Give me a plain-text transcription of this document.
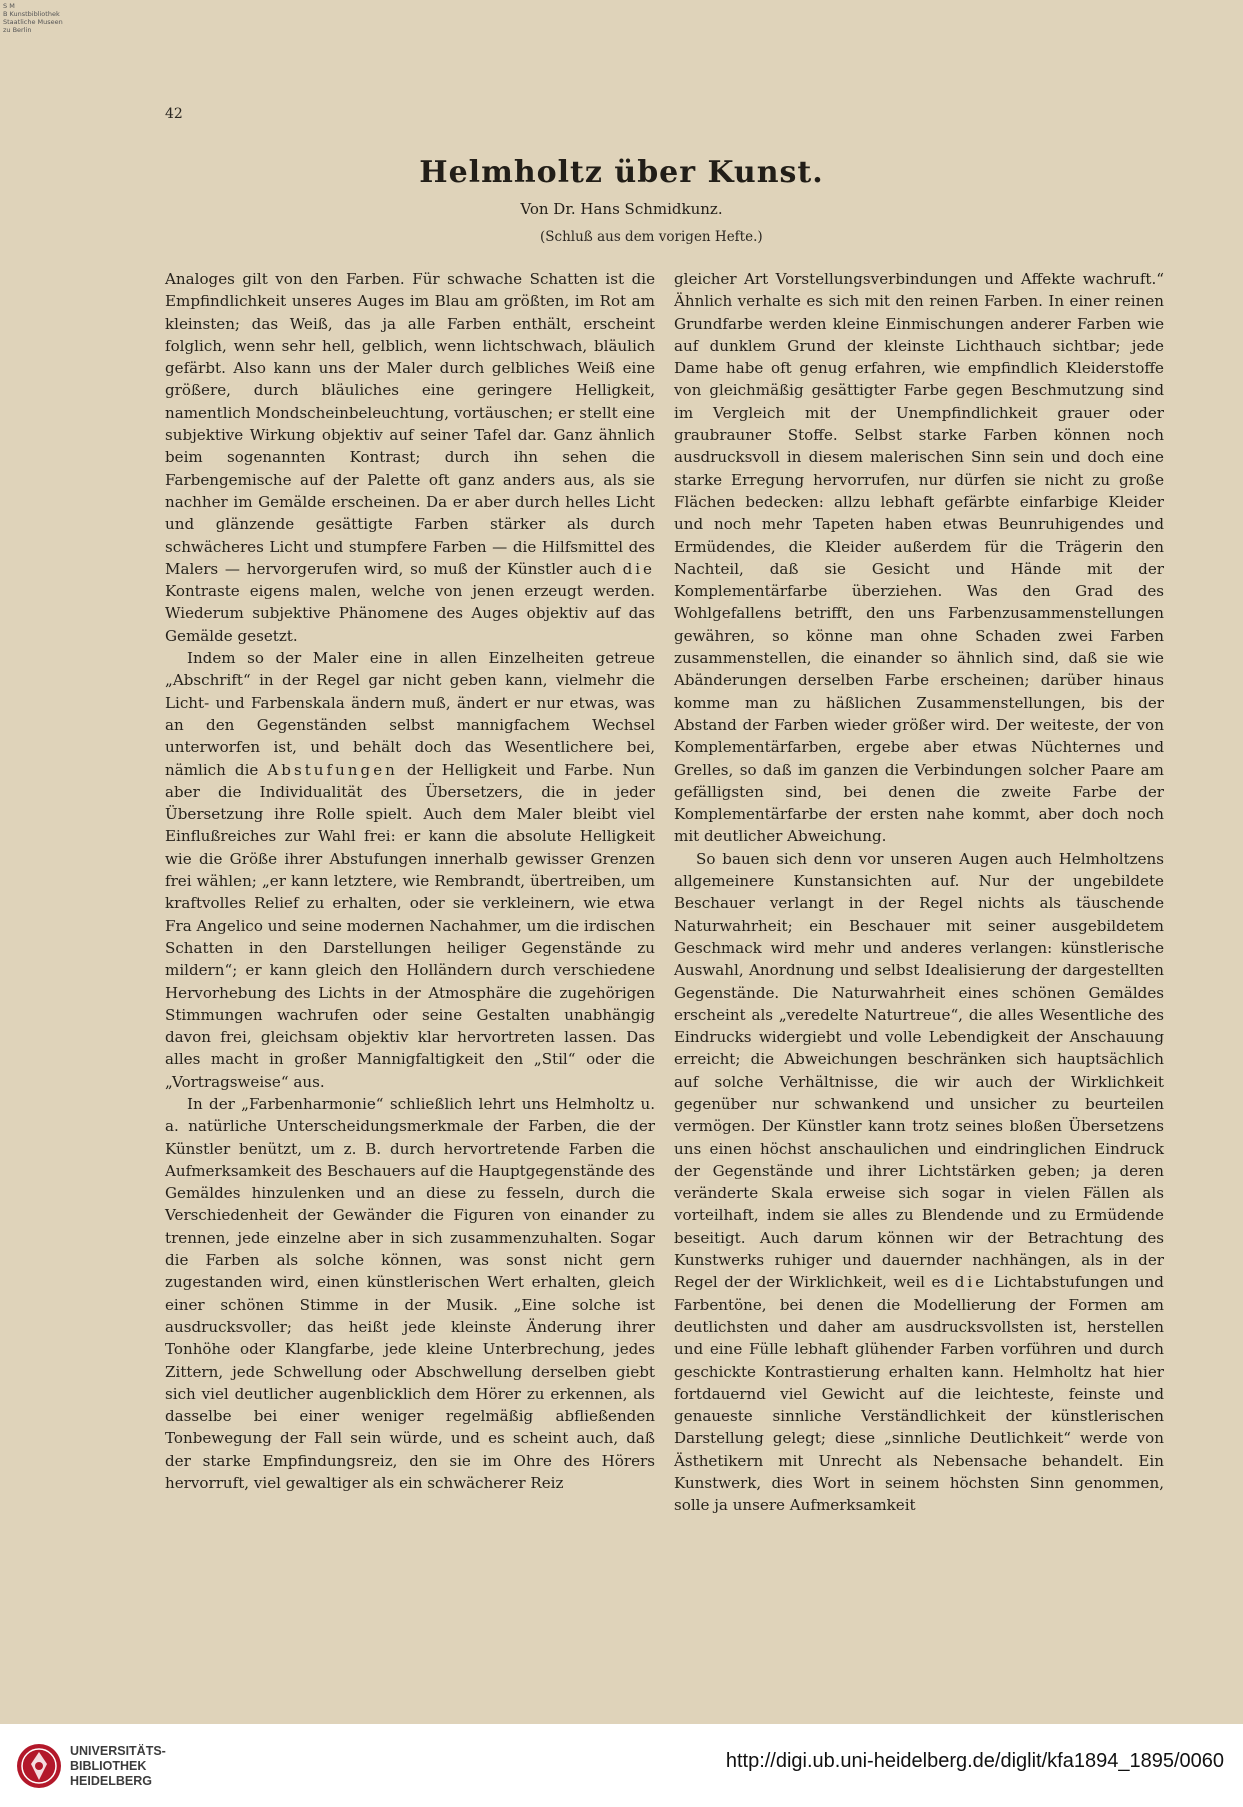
S M
B Kunstbibliothek
Staatliche Museen
zu Berlin
42
Helmholtz über Kunst.
Von Dr. Hans Schmidkunz.
(Schluß aus dem vorigen Hefte.)

Analoges gilt von den Farben. Für schwache Schatten ist die Empfindlichkeit unseres Auges im Blau am größten, im Rot am kleinsten; das Weiß, das ja alle Farben enthält, erscheint folglich, wenn sehr hell, gelblich, wenn lichtschwach, bläulich gefärbt. Also kann uns der Maler durch gelbliches Weiß eine größere, durch bläuliches eine geringere Helligkeit, namentlich Mondscheinbeleuchtung, vortäuschen; er stellt eine subjektive Wirkung objektiv auf seiner Tafel dar. Ganz ähnlich beim sogenannten Kontrast; durch ihn sehen die Farbengemische auf der Palette oft ganz anders aus, als sie nachher im Gemälde erscheinen. Da er aber durch helles Licht und glänzende gesättigte Farben stärker als durch schwächeres Licht und stumpfere Farben — die Hilfsmittel des Malers — hervorgerufen wird, so muß der Künstler auch die Kontraste eigens malen, welche von jenen erzeugt werden. Wiederum subjektive Phänomene des Auges objektiv auf das Gemälde gesetzt.

Indem so der Maler eine in allen Einzelheiten getreue „Abschrift“ in der Regel gar nicht geben kann, vielmehr die Licht- und Farbenskala ändern muß, ändert er nur etwas, was an den Gegenständen selbst mannigfachem Wechsel unterworfen ist, und behält doch das Wesentlichere bei, nämlich die Abstufungen der Helligkeit und Farbe. Nun aber die Individualität des Übersetzers, die in jeder Übersetzung ihre Rolle spielt. Auch dem Maler bleibt viel Einflußreiches zur Wahl frei: er kann die absolute Helligkeit wie die Größe ihrer Abstufungen innerhalb gewisser Grenzen frei wählen; „er kann letztere, wie Rembrandt, übertreiben, um kraftvolles Relief zu erhalten, oder sie verkleinern, wie etwa Fra Angelico und seine modernen Nachahmer, um die irdischen Schatten in den Darstellungen heiliger Gegenstände zu mildern“; er kann gleich den Holländern durch verschiedene Hervorhebung des Lichts in der Atmosphäre die zugehörigen Stimmungen wachrufen oder seine Gestalten unabhängig davon frei, gleichsam objektiv klar hervortreten lassen. Das alles macht in großer Mannigfaltigkeit den „Stil“ oder die „Vortragsweise“ aus.

In der „Farbenharmonie“ schließlich lehrt uns Helmholtz u. a. natürliche Unterscheidungsmerkmale der Farben, die der Künstler benützt, um z. B. durch hervortretende Farben die Aufmerksamkeit des Beschauers auf die Hauptgegenstände des Gemäldes hinzulenken und an diese zu fesseln, durch die Verschiedenheit der Gewänder die Figuren von einander zu trennen, jede einzelne aber in sich zusammenzuhalten. Sogar die Farben als solche können, was sonst nicht gern zugestanden wird, einen künstlerischen Wert erhalten, gleich einer schönen Stimme in der Musik. „Eine solche ist ausdrucksvoller; das heißt jede kleinste Änderung ihrer Tonhöhe oder Klangfarbe, jede kleine Unterbrechung, jedes Zittern, jede Schwellung oder Abschwellung derselben giebt sich viel deutlicher augenblicklich dem Hörer zu erkennen, als dasselbe bei einer weniger regelmäßig abfließenden Tonbewegung der Fall sein würde, und es scheint auch, daß der starke Empfindungsreiz, den sie im Ohre des Hörers hervorruft, viel gewaltiger als ein schwächerer Reiz

gleicher Art Vorstellungsverbindungen und Affekte wachruft.“ Ähnlich verhalte es sich mit den reinen Farben. In einer reinen Grundfarbe werden kleine Einmischungen anderer Farben wie auf dunklem Grund der kleinste Lichthauch sichtbar; jede Dame habe oft genug erfahren, wie empfindlich Kleiderstoffe von gleichmäßig gesättigter Farbe gegen Beschmutzung sind im Vergleich mit der Unempfindlichkeit grauer oder graubrauner Stoffe. Selbst starke Farben können noch ausdrucksvoll in diesem malerischen Sinn sein und doch eine starke Erregung hervorrufen, nur dürfen sie nicht zu große Flächen bedecken: allzu lebhaft gefärbte einfarbige Kleider und noch mehr Tapeten haben etwas Beunruhigendes und Ermüdendes, die Kleider außerdem für die Trägerin den Nachteil, daß sie Gesicht und Hände mit der Komplementärfarbe überziehen. Was den Grad des Wohlgefallens betrifft, den uns Farbenzusammenstellungen gewähren, so könne man ohne Schaden zwei Farben zusammenstellen, die einander so ähnlich sind, daß sie wie Abänderungen derselben Farbe erscheinen; darüber hinaus komme man zu häßlichen Zusammenstellungen, bis der Abstand der Farben wieder größer wird. Der weiteste, der von Komplementärfarben, ergebe aber etwas Nüchternes und Grelles, so daß im ganzen die Verbindungen solcher Paare am gefälligsten sind, bei denen die zweite Farbe der Komplementärfarbe der ersten nahe kommt, aber doch noch mit deutlicher Abweichung.

So bauen sich denn vor unseren Augen auch Helmholtzens allgemeinere Kunstansichten auf. Nur der ungebildete Beschauer verlangt in der Regel nichts als täuschende Naturwahrheit; ein Beschauer mit seiner ausgebildetem Geschmack wird mehr und anderes verlangen: künstlerische Auswahl, Anordnung und selbst Idealisierung der dargestellten Gegenstände. Die Naturwahrheit eines schönen Gemäldes erscheint als „veredelte Naturtreue“, die alles Wesentliche des Eindrucks widergiebt und volle Lebendigkeit der Anschauung erreicht; die Abweichungen beschränken sich hauptsächlich auf solche Verhältnisse, die wir auch der Wirklichkeit gegenüber nur schwankend und unsicher zu beurteilen vermögen. Der Künstler kann trotz seines bloßen Übersetzens uns einen höchst anschaulichen und eindringlichen Eindruck der Gegenstände und ihrer Lichtstärken geben; ja deren veränderte Skala erweise sich sogar in vielen Fällen als vorteilhaft, indem sie alles zu Blendende und zu Ermüdende beseitigt. Auch darum können wir der Betrachtung des Kunstwerks ruhiger und dauernder nachhängen, als in der Regel der der Wirklichkeit, weil es die Lichtabstufungen und Farbentöne, bei denen die Modellierung der Formen am deutlichsten und daher am ausdrucksvollsten ist, herstellen und eine Fülle lebhaft glühender Farben vorführen und durch geschickte Kontrastierung erhalten kann. Helmholtz hat hier fortdauernd viel Gewicht auf die leichteste, feinste und genaueste sinnliche Verständlichkeit der künstlerischen Darstellung gelegt; diese „sinnliche Deutlichkeit“ werde von Ästhetikern mit Unrecht als Nebensache behandelt. Ein Kunstwerk, dies Wort in seinem höchsten Sinn genommen, solle ja unsere Aufmerksamkeit

UNIVERSITÄTS-
BIBLIOTHEK
HEIDELBERG
http://digi.ub.uni-heidelberg.de/diglit/kfa1894_1895/0060
